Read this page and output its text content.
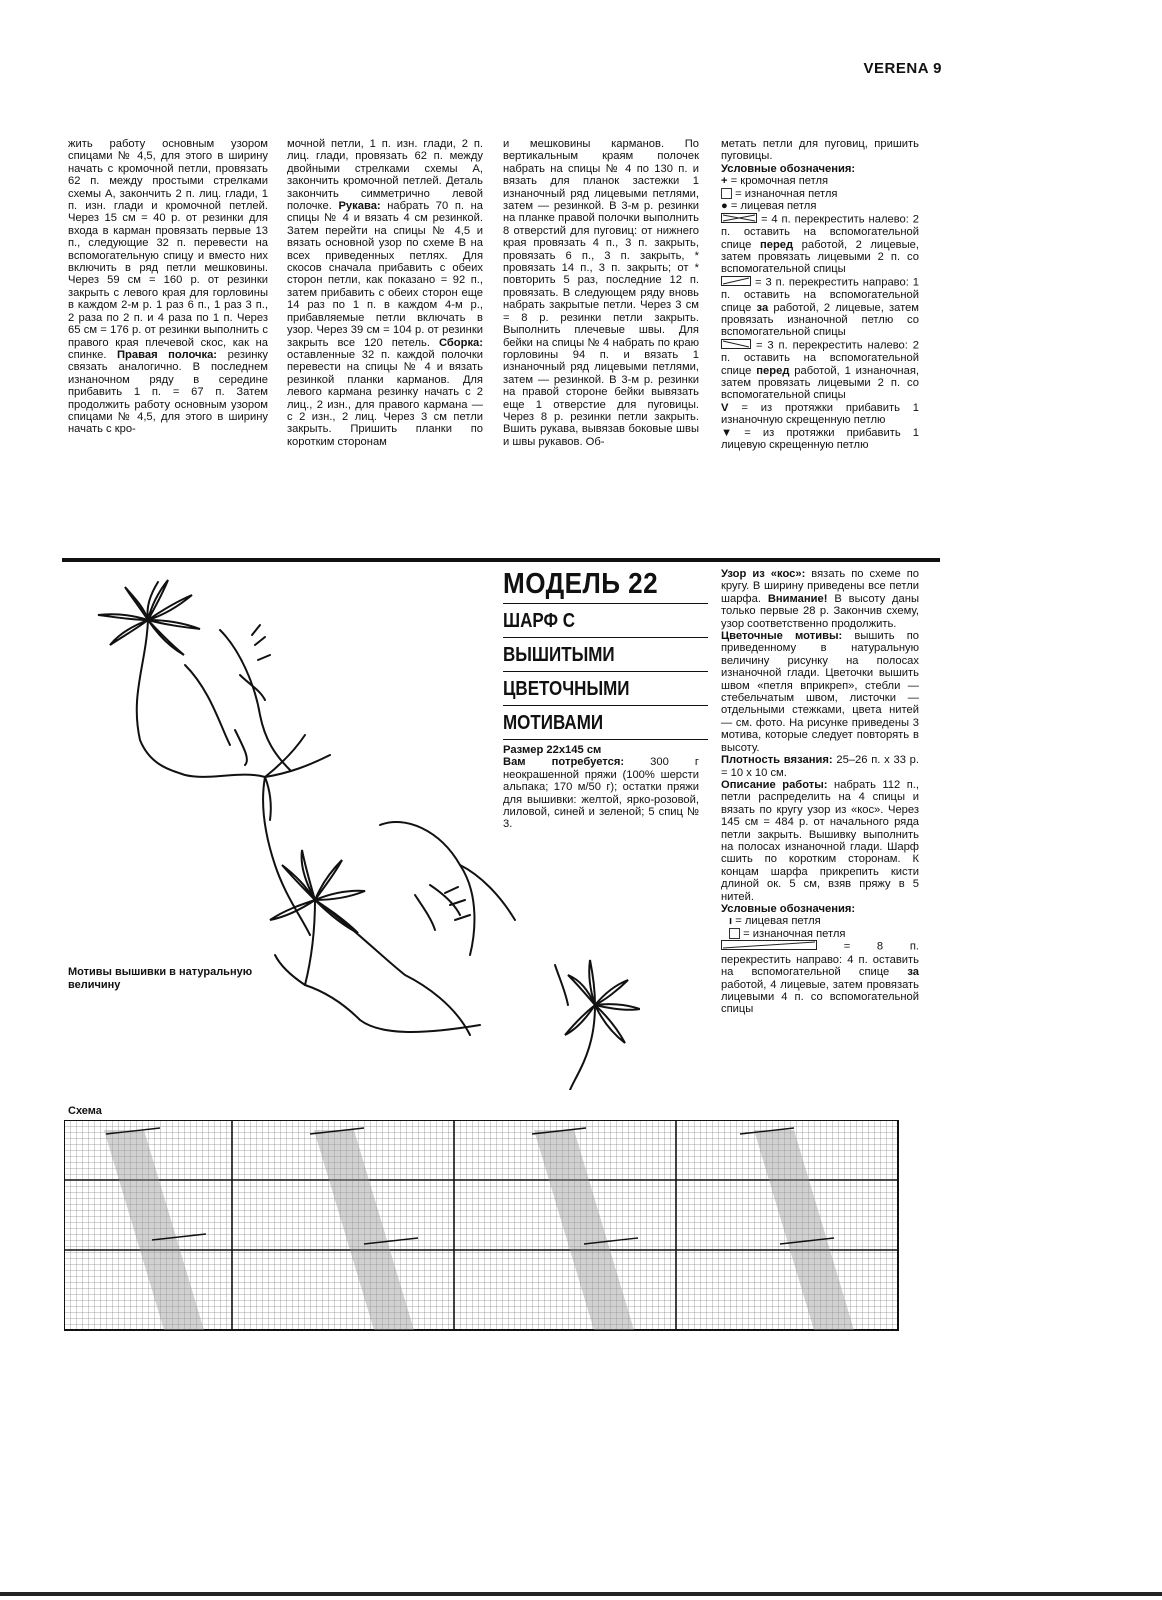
VERENA 9

жить работу основным узором спицами № 4,5, для этого в ширину начать с кромочной петли, провязать 62 п. между простыми стрелками схемы А, закончить 2 п. лиц. глади, 1 п. изн. глади и кромочной петлей. Через 15 см = 40 р. от резинки для входа в карман провязать первые 13 п., следующие 32 п. перевести на вспомогательную спицу и вместо них включить в ряд петли мешковины. Через 59 см = 160 р. от резинки закрыть с левого края для горловины в каждом 2-м р. 1 раз 6 п., 1 раз 3 п., 2 раза по 2 п. и 4 раза по 1 п. Через 65 см = 176 р. от резинки выполнить с правого края плечевой скос, как на спинке. Правая полочка: резинку связать аналогично. В последнем изнаночном ряду в середине прибавить 1 п. = 67 п. Затем продолжить работу основным узором спицами № 4,5, для этого в ширину начать с кро-

мочной петли, 1 п. изн. глади, 2 п. лиц. глади, провязать 62 п. между двойными стрелками схемы А, закончить кромочной петлей. Деталь закончить симметрично левой полочке. Рукава: набрать 70 п. на спицы № 4 и вязать 4 см резинкой. Затем перейти на спицы № 4,5 и вязать основной узор по схеме В на всех приведенных петлях. Для скосов сначала прибавить с обеих сторон петли, как показано = 92 п., затем прибавить с обеих сторон еще 14 раз по 1 п. в каждом 4-м р., прибавляемые петли включать в узор. Через 39 см = 104 р. от резинки закрыть все 120 петель. Сборка: оставленные 32 п. каждой полочки перевести на спицы № 4 и вязать резинкой планки карманов. Для левого кармана резинку начать с 2 лиц., 2 изн., для правого кармана — с 2 изн., 2 лиц. Через 3 см петли закрыть. Пришить планки по коротким сторонам

и мешковины карманов. По вертикальным краям полочек набрать на спицы № 4 по 130 п. и вязать для планок застежки 1 изнаночный ряд лицевыми петлями, затем — резинкой. В 3-м р. резинки на планке правой полочки выполнить 8 отверстий для пуговиц: от нижнего края провязать 4 п., 3 п. закрыть, провязать 6 п., 3 п. закрыть, * провязать 14 п., 3 п. закрыть; от * повторить 5 раз, последние 12 п. провязать. В следующем ряду вновь набрать закрытые петли. Через 3 см = 8 р. резинки петли закрыть. Выполнить плечевые швы. Для бейки на спицы № 4 набрать по краю горловины 94 п. и вязать 1 изнаночный ряд лицевыми петлями, затем — резинкой. В 3-м р. резинки на правой стороне бейки вывязать еще 1 отверстие для пуговицы. Через 8 р. резинки петли закрыть. Вшить рукава, вывязав боковые швы и швы рукавов. Об-

метать петли для пуговиц, пришить пуговицы.

Условные обозначения:

+ = кромочная петля

= изнаночная петля

● = лицевая петля

= 4 п. перекрестить налево: 2 п. оставить на вспомогательной спице перед работой, 2 лицевые, затем провязать лицевыми 2 п. со вспомогательной спицы

= 3 п. перекрестить направо: 1 п. оставить на вспомогательной спице за работой, 2 лицевые, затем провязать изнаночной петлю со вспомогательной спицы

= 3 п. перекрестить налево: 2 п. оставить на вспомогательной спице перед работой, 1 изнаночная, затем провязать лицевыми 2 п. со вспомогательной спицы

V = из протяжки прибавить 1 изнаночную скрещенную петлю

▼ = из протяжки прибавить 1 лицевую скрещенную петлю

МОДЕЛЬ 22
ШАРФ С
ВЫШИТЫМИ
ЦВЕТОЧНЫМИ
МОТИВАМИ

Размер 22x145 см

Вам потребуется: 300 г неокрашенной пряжи (100% шерсти альпака; 170 м/50 г); остатки пряжи для вышивки: желтой, ярко-розовой, лиловой, синей и зеленой; 5 спиц № 3.

Узор из «кос»: вязать по схеме по кругу. В ширину приведены все петли шарфа. Внимание! В высоту даны только первые 28 р. Закончив схему, узор соответственно продолжить.

Цветочные мотивы: вышить по приведенному в натуральную величину рисунку на полосах изнаночной глади. Цветочки вышить швом «петля вприкреп», стебли — стебельчатым швом, листочки — отдельными стежками, цвета нитей — см. фото. На рисунке приведены 3 мотива, которые следует повторять в высоту.

Плотность вязания: 25–26 п. х 33 р. = 10 х 10 см.

Описание работы: набрать 112 п., петли распределить на 4 спицы и вязать по кругу узор из «кос». Через 145 см = 484 р. от начального ряда петли закрыть. Вышивку выполнить на полосах изнаночной глади. Шарф сшить по коротким сторонам. К концам шарфа прикрепить кисти длиной ок. 5 см, взяв пряжу в 5 нитей.

Условные обозначения:

ı = лицевая петля

= изнаночная петля

= 8 п. перекрестить направо: 4 п. оставить на вспомогательной спице за работой, 4 лицевые, затем провязать лицевыми 4 п. со вспомогательной спицы

Мотивы вышивки в натуральную величину
Схема
